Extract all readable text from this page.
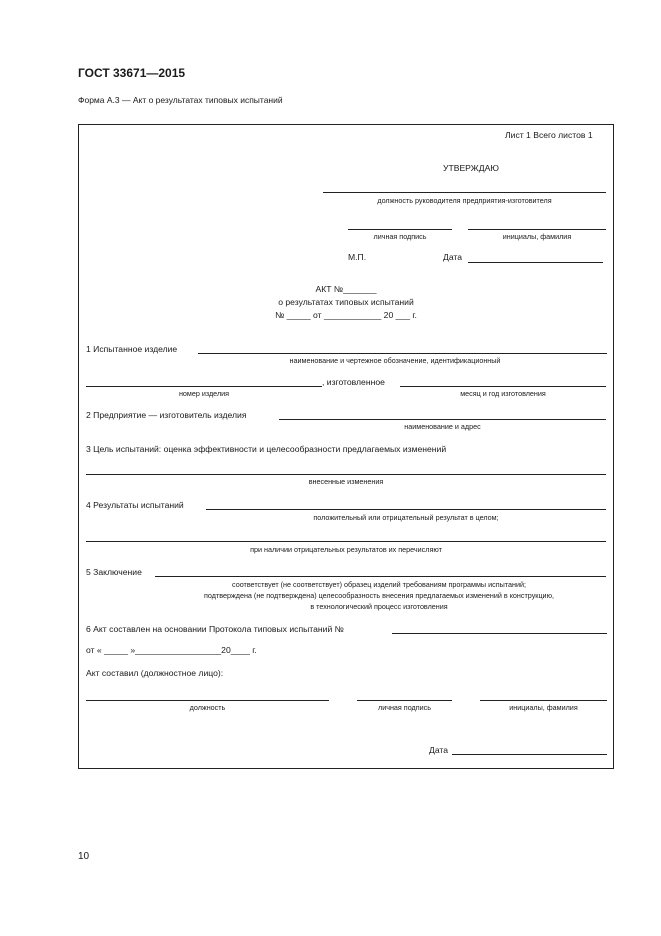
ГОСТ 33671—2015
Форма А.3 — Акт о результатах типовых испытаний
Лист 1 Всего листов 1
УТВЕРЖДАЮ
должность руководителя предприятия-изготовителя
личная подпись	инициалы, фамилия
М.П.	Дата
АКТ №_______
о результатах типовых испытаний
№ _____ от ____________ 20 ___ г.
1 Испытанное изделие
наименование и чертежное обозначение, идентификационный
, изготовленное
номер изделия	месяц и год изготовления
2 Предприятие — изготовитель изделия
наименование и адрес
3 Цель испытаний: оценка эффективности и целесообразности предлагаемых изменений
внесенные изменения
4 Результаты испытаний
положительный или отрицательный результат в целом;
при наличии отрицательных результатов их перечисляют
5 Заключение
соответствует (не соответствует) образец изделий требованиям программы испытаний;
подтверждена (не подтверждена) целесообразность внесения предлагаемых изменений в конструкцию,
в технологический процесс изготовления
6 Акт составлен на основании Протокола типовых испытаний №
от « _____ »__________________20____ г.
Акт составил (должностное лицо):
должность	личная подпись	инициалы, фамилия
Дата
10
